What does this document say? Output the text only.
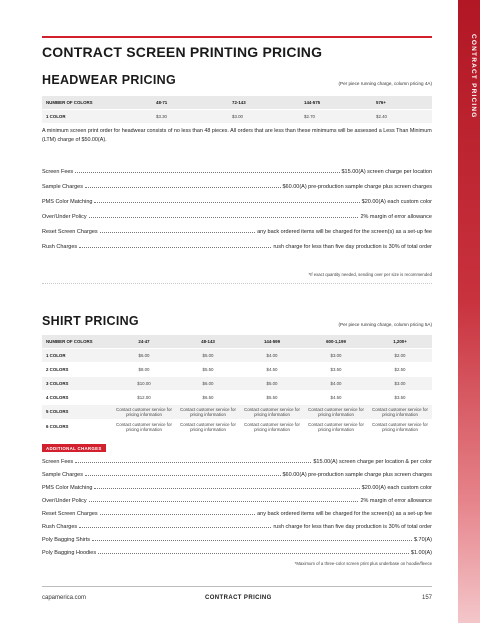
CONTRACT PRICING
CONTRACT SCREEN PRINTING PRICING
HEADWEAR PRICING	(Per piece running charge, column pricing 4A)
NUMBER OF COLORS	48-71	72-143	144-575	576+
1 COLOR	$3.30	$3.00	$2.70	$2.40
A minimum screen print order for headwear consists of no less than 48 pieces. All orders that are less than these minimums will be assessed a Less Than Minimum (LTM) charge of $50.00(A).
Screen Fees	$15.00(A) screen charge per location
Sample Charges	$60.00(A) pre-production sample charge plus screen charges
PMS Color Matching	$20.00(A) each custom color
Over/Under Policy	2% margin of error allowance
Reset Screen Charges	any back ordered items will be charged for the screen(s) as a set-up fee
Rush Charges	rush charge for less than five day production is 30% of total order
*If exact quantity needed, sending over per size is recommended
SHIRT PRICING	(Per piece running charge, column pricing 5A)
NUMBER OF COLORS	24-47	48-143	144-599	600-1,199	1,200+
1 COLOR	$6.00	$5.00	$4.00	$3.00	$2.00
2 COLORS	$8.00	$5.50	$4.50	$3.50	$2.50
3 COLORS	$10.00	$6.00	$5.00	$4.00	$3.00
4 COLORS	$12.00	$6.50	$5.50	$4.50	$3.50
5 COLORS	Contact customer service for pricing information	Contact customer service for pricing information	Contact customer service for pricing information	Contact customer service for pricing information	Contact customer service for pricing information
6 COLORS	Contact customer service for pricing information	Contact customer service for pricing information	Contact customer service for pricing information	Contact customer service for pricing information	Contact customer service for pricing information
ADDITIONAL CHARGES
Screen Fees	$15.00(A) screen charge per location & per color
Sample Charges	$60.00(A) pre-production sample charge plus screen charges
PMS Color Matching	$20.00(A) each custom color
Over/Under Policy	2% margin of error allowance
Reset Screen Charges	any back ordered items will be charged for the screen(s) as a set-up fee
Rush Charges	rush charge for less than five day production is 30% of total order
Poly Bagging Shirts	$.70(A)
Poly Bagging Hoodies	$1.00(A)
*Maximum of a three-color screen print plus underbase on hoodie/fleece
capamerica.com	CONTRACT PRICING	157
